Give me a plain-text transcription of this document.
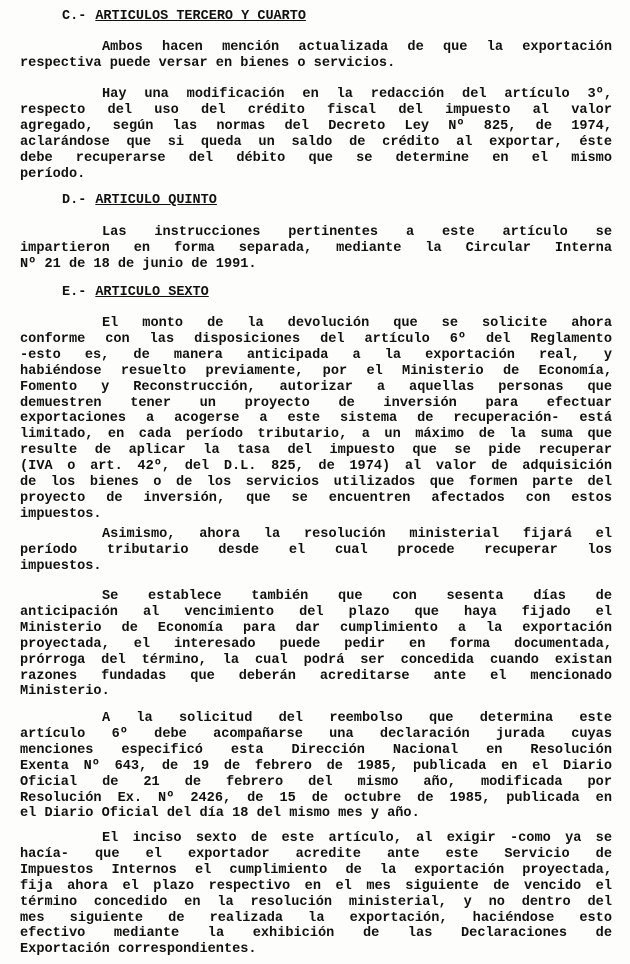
C.- ARTICULOS TERCERO Y CUARTO

Ambos hacen mención actualizada de que la exportación
respectiva puede versar en bienes o servicios.

Hay una modificación en la redacción del artículo 3º,
respecto del uso del crédito fiscal del impuesto al valor
agregado, según las normas del Decreto Ley Nº 825, de 1974,
aclarándose que si queda un saldo de crédito al exportar, éste
debe recuperarse del débito que se determine en el mismo
período.

D.- ARTICULO QUINTO

Las instrucciones pertinentes a este artículo se
impartieron en forma separada, mediante la Circular Interna
Nº 21 de 18 de junio de 1991.

E.- ARTICULO SEXTO

El monto de la devolución que se solicite ahora
conforme con las disposiciones del artículo 6º del Reglamento
-esto es, de manera anticipada a la exportación real, y
habiéndose resuelto previamente, por el Ministerio de Economía,
Fomento y Reconstrucción, autorizar a aquellas personas que
demuestren tener un proyecto de inversión para efectuar
exportaciones a acogerse a este sistema de recuperación- está
limitado, en cada período tributario, a un máximo de la suma que
resulte de aplicar la tasa del impuesto que se pide recuperar
(IVA o art. 42º, del D.L. 825, de 1974) al valor de adquisición
de los bienes o de los servicios utilizados que formen parte del
proyecto de inversión, que se encuentren afectados con estos
impuestos.

Asimismo, ahora la resolución ministerial fijará el
período tributario desde el cual procede recuperar los
impuestos.

Se establece también que con sesenta días de
anticipación al vencimiento del plazo que haya fijado el
Ministerio de Economía para dar cumplimiento a la exportación
proyectada, el interesado puede pedir en forma documentada,
prórroga del término, la cual podrá ser concedida cuando existan
razones fundadas que deberán acreditarse ante el mencionado
Ministerio.

A la solicitud del reembolso que determina este
artículo 6º debe acompañarse una declaración jurada cuyas
menciones especificó esta Dirección Nacional en Resolución
Exenta Nº 643, de 19 de febrero de 1985, publicada en el Diario
Oficial de 21 de febrero del mismo año, modificada por
Resolución Ex. Nº 2426, de 15 de octubre de 1985, publicada en
el Diario Oficial del día 18 del mismo mes y año.

El inciso sexto de este artículo, al exigir -como ya se
hacía- que el exportador acredite ante este Servicio de
Impuestos Internos el cumplimiento de la exportación proyectada,
fija ahora el plazo respectivo en el mes siguiente de vencido el
término concedido en la resolución ministerial, y no dentro del
mes siguiente de realizada la exportación, haciéndose esto
efectivo mediante la exhibición de las Declaraciones de
Exportación correspondientes.
